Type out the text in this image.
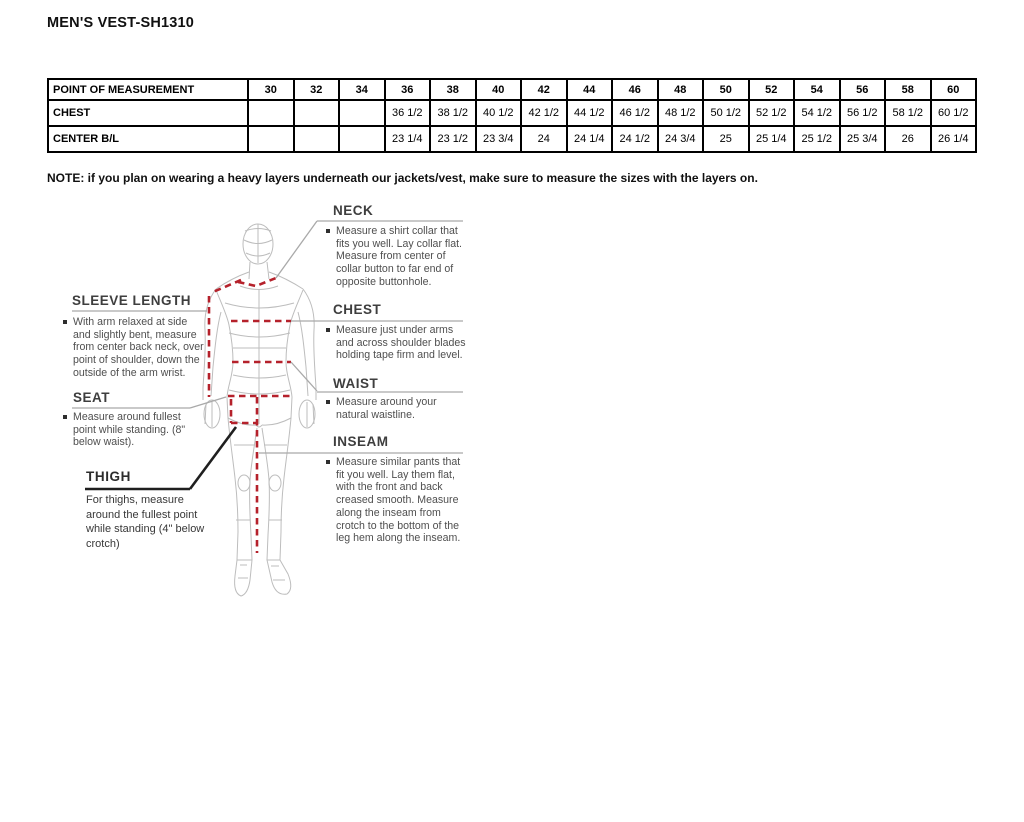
MEN'S VEST-SH1310
POINT OF MEASUREMENT	30	32	34	36	38	40	42	44	46	48	50	52	54	56	58	60
CHEST				36 1/2	38 1/2	40 1/2	42 1/2	44 1/2	46 1/2	48 1/2	50 1/2	52 1/2	54 1/2	56 1/2	58 1/2	60 1/2
CENTER B/L				23 1/4	23 1/2	23 3/4	24	24 1/4	24 1/2	24 3/4	25	25 1/4	25 1/2	25 3/4	26	26 1/4
NOTE: if you plan on wearing a heavy layers underneath our jackets/vest, make sure to measure the sizes with the layers on.
NECK
Measure a shirt collar that fits you well. Lay collar flat. Measure from center of collar button to far end of opposite buttonhole.
CHEST
Measure just under arms and across shoulder blades holding tape firm and level.
WAIST
Measure around your natural waistline.
INSEAM
Measure similar pants that fit you well. Lay them flat, with the front and back creased smooth. Measure along the inseam from crotch to the bottom of the leg hem along the inseam.
SLEEVE LENGTH
With arm relaxed at side and slightly bent, measure from center back neck, over point of shoulder, down the outside of the arm wrist.
SEAT
Measure around fullest point while standing. (8" below waist).
THIGH
For thighs, measure around the fullest point while standing (4" below crotch)
